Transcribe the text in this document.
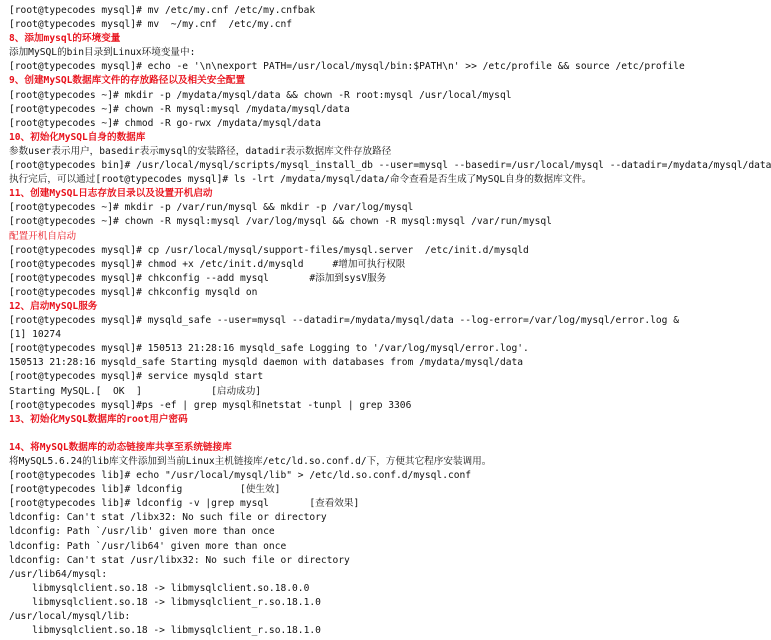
[root@typecodes mysql]# mv /etc/my.cnf /etc/my.cnfbak
[root@typecodes mysql]# mv  ~/my.cnf  /etc/my.cnf
8、添加mysql的环境变量
添加MySQL的bin目录到Linux环境变量中:
[root@typecodes mysql]# echo -e '\n\nexport PATH=/usr/local/mysql/bin:$PATH\n' >> /etc/profile && source /etc/profile
9、创建MySQL数据库文件的存放路径以及相关安全配置
[root@typecodes ~]# mkdir -p /mydata/mysql/data && chown -R root:mysql /usr/local/mysql
[root@typecodes ~]# chown -R mysql:mysql /mydata/mysql/data
[root@typecodes ~]# chmod -R go-rwx /mydata/mysql/data
10、初始化MySQL自身的数据库
参数user表示用户，basedir表示mysql的安装路径，datadir表示数据库文件存放路径
[root@typecodes bin]# /usr/local/mysql/scripts/mysql_install_db --user=mysql --basedir=/usr/local/mysql --datadir=/mydata/mysql/data
执行完后，可以通过[root@typecodes mysql]# ls -lrt /mydata/mysql/data/命令查看是否生成了MySQL自身的数据库文件。
11、创建MySQL日志存放目录以及设置开机启动
[root@typecodes ~]# mkdir -p /var/run/mysql && mkdir -p /var/log/mysql
[root@typecodes ~]# chown -R mysql:mysql /var/log/mysql && chown -R mysql:mysql /var/run/mysql
配置开机自启动
[root@typecodes mysql]# cp /usr/local/mysql/support-files/mysql.server  /etc/init.d/mysqld
[root@typecodes mysql]# chmod +x /etc/init.d/mysqld     #增加可执行权限
[root@typecodes mysql]# chkconfig --add mysql       #添加到sysV服务
[root@typecodes mysql]# chkconfig mysqld on
12、启动MySQL服务
[root@typecodes mysql]# mysqld_safe --user=mysql --datadir=/mydata/mysql/data --log-error=/var/log/mysql/error.log &
[1] 10274
[root@typecodes mysql]# 150513 21:28:16 mysqld_safe Logging to '/var/log/mysql/error.log'.
150513 21:28:16 mysqld_safe Starting mysqld daemon with databases from /mydata/mysql/data
[root@typecodes mysql]# service mysqld start
Starting MySQL.[  OK  ]            [启动成功]
[root@typecodes mysql]#ps -ef | grep mysql和netstat -tunpl | grep 3306
13、初始化MySQL数据库的root用户密码
14、将MySQL数据库的动态链接库共享至系统链接库
将MySQL5.6.24的lib库文件添加到当前Linux主机链接库/etc/ld.so.conf.d/下，方便其它程序安装调用。
[root@typecodes lib]# echo "/usr/local/mysql/lib" > /etc/ld.so.conf.d/mysql.conf
[root@typecodes lib]# ldconfig          [使生效]
[root@typecodes lib]# ldconfig -v |grep mysql       [查看效果]
ldconfig: Can't stat /libx32: No such file or directory
ldconfig: Path `/usr/lib' given more than once
ldconfig: Path `/usr/lib64' given more than once
ldconfig: Can't stat /usr/libx32: No such file or directory
/usr/lib64/mysql:
libmysqlclient.so.18 -> libmysqlclient.so.18.0.0
libmysqlclient.so.18 -> libmysqlclient_r.so.18.1.0
/usr/local/mysql/lib:
libmysqlclient.so.18 -> libmysqlclient_r.so.18.1.0
